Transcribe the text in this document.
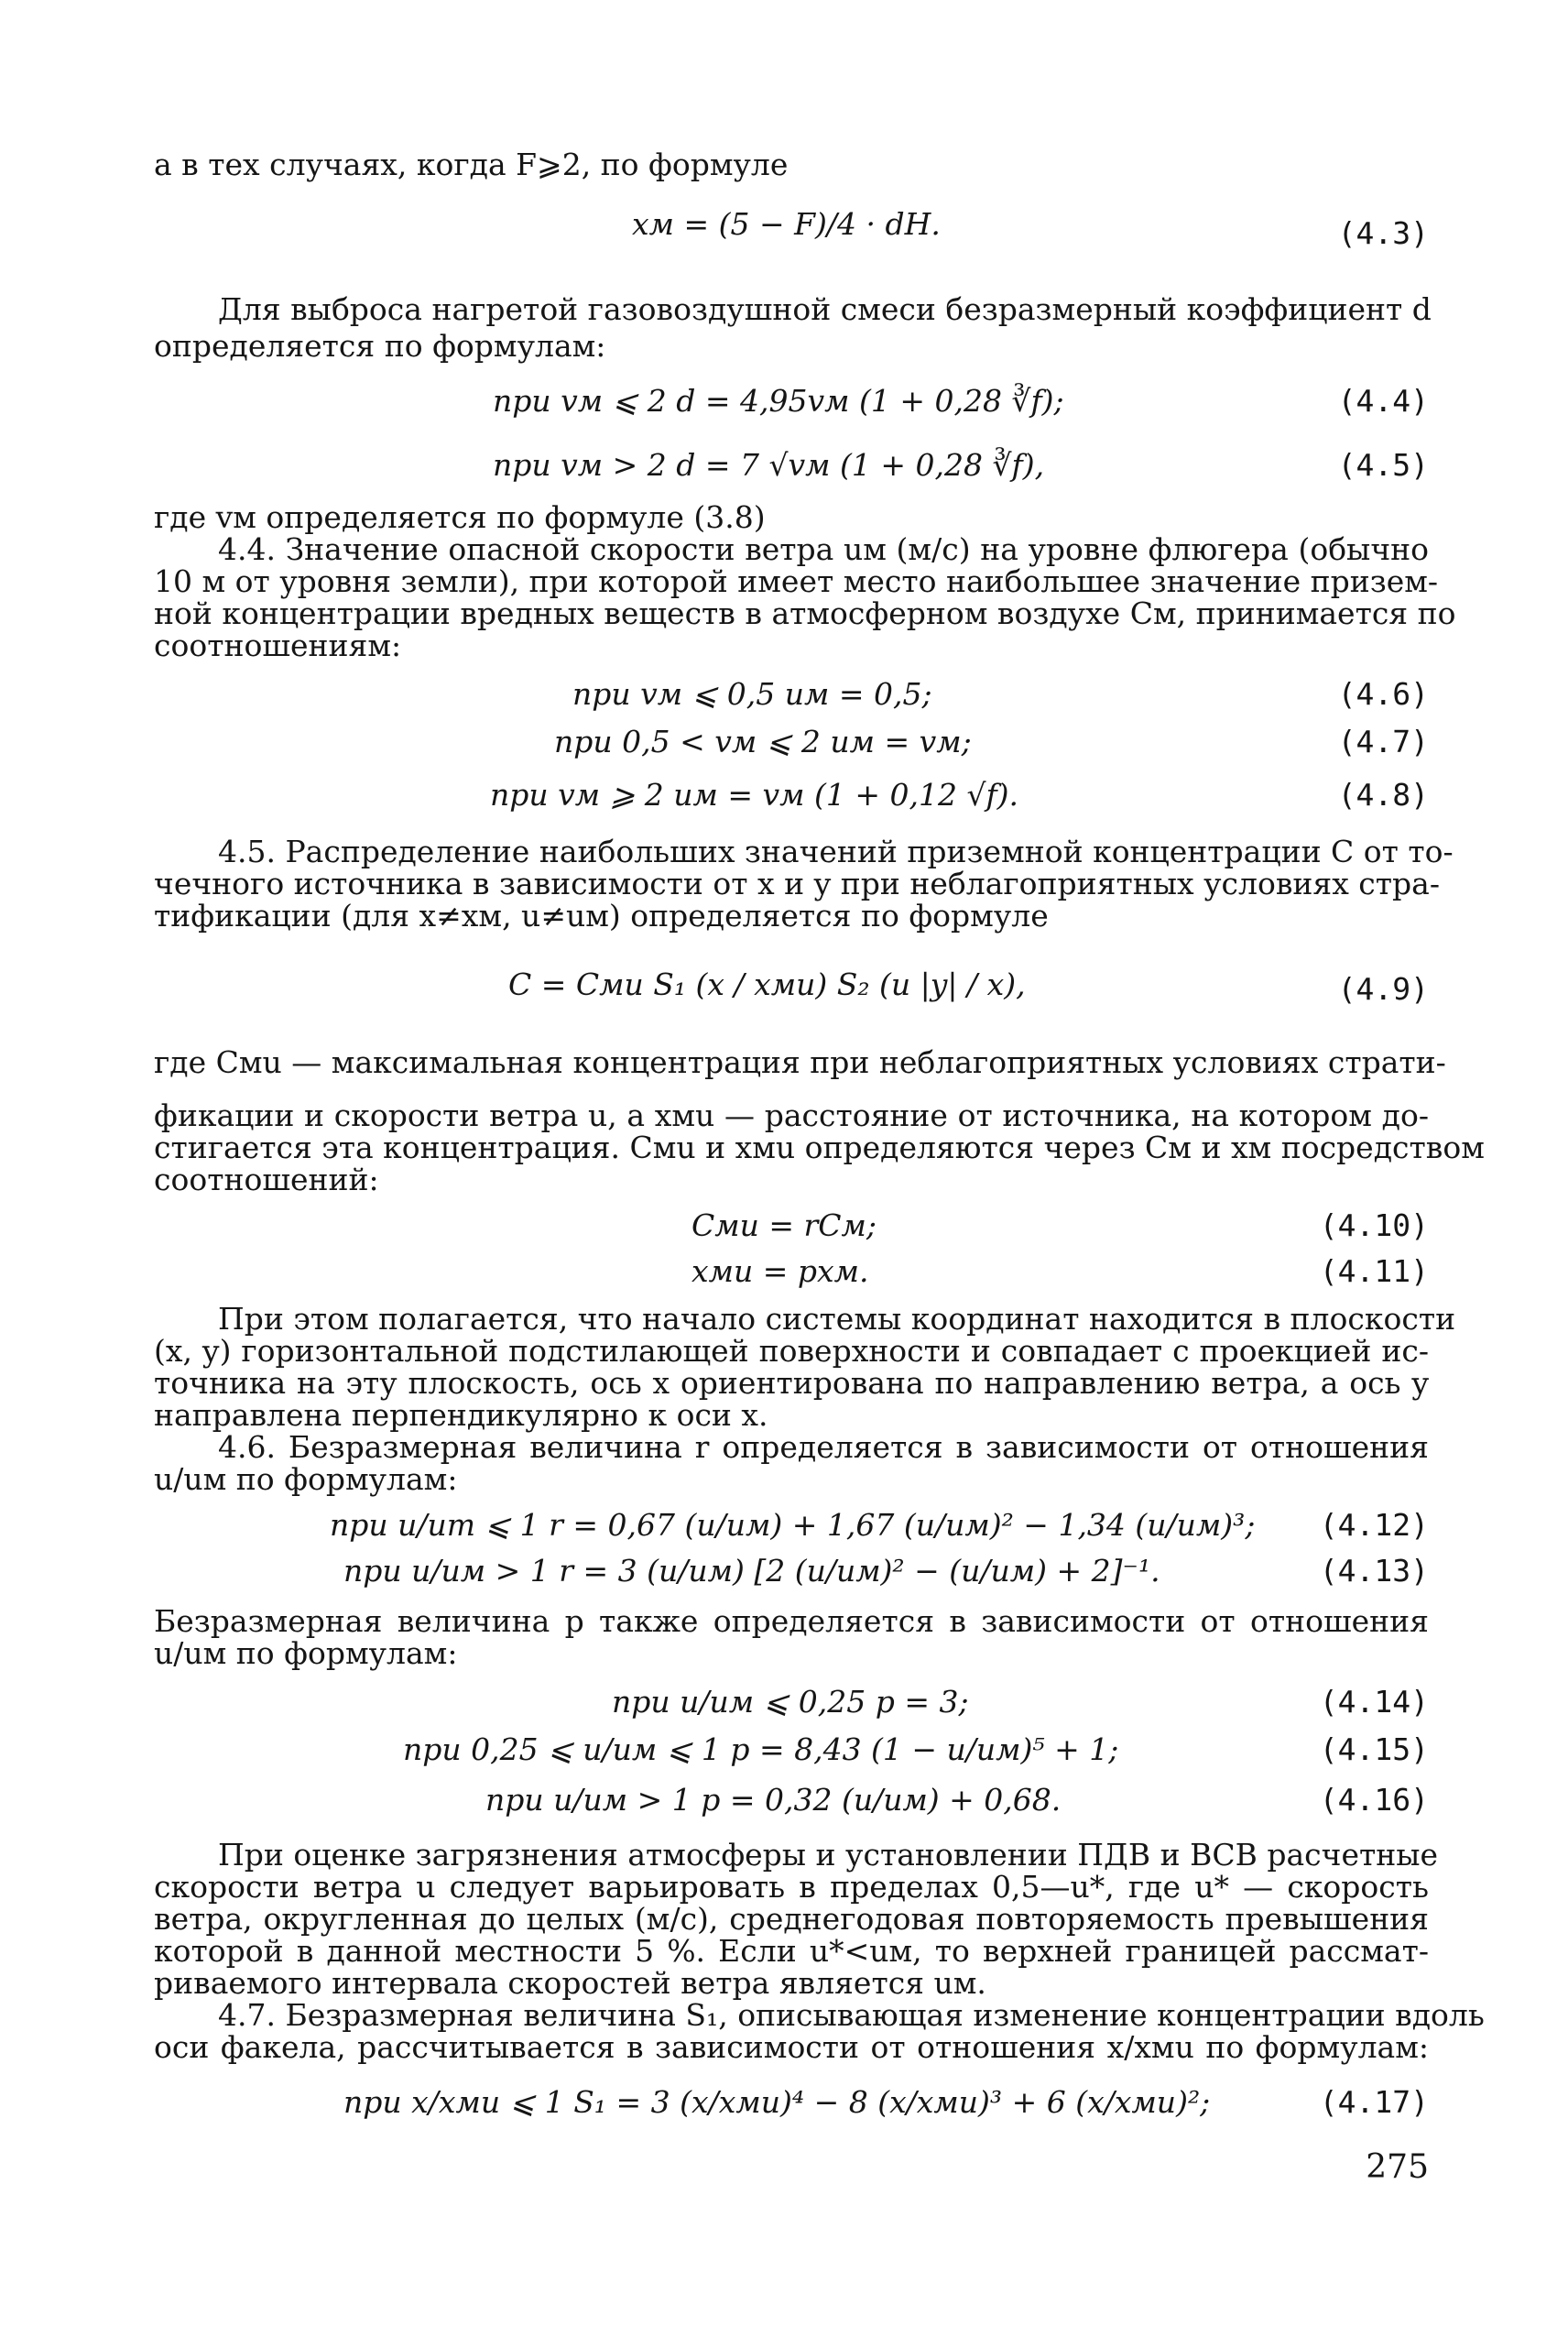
а в тех случаях, когда F⩾2, по формуле
xм = (5 − F)/4 · dH.	(4.3)
Для выброса нагретой газовоздушной смеси безразмерный коэффициент d
определяется по формулам:
при vм ⩽ 2 d = 4,95vм (1 + 0,28 ∛f);	(4.4)
при vм > 2 d = 7 √vм (1 + 0,28 ∛f),	(4.5)
где vм определяется по формуле (3.8)
4.4. Значение опасной скорости ветра uм (м/с) на уровне флюгера (обычно
10 м от уровня земли), при которой имеет место наибольшее значение призем-
ной концентрации вредных веществ в атмосферном воздухе Cм, принимается по
соотношениям:
при vм ⩽ 0,5 uм = 0,5;	(4.6)
при 0,5 < vм ⩽ 2 uм = vм;	(4.7)
при vм ⩾ 2 uм = vм (1 + 0,12 √f).	(4.8)
4.5. Распределение наибольших значений приземной концентрации C от то-
чечного источника в зависимости от x и y при неблагоприятных условиях стра-
тификации (для x≠xм, u≠uм) определяется по формуле
C = Cмu S₁ (x / xмu) S₂ (u |y| / x),	(4.9)
где Cмu — максимальная концентрация при неблагоприятных условиях страти-
фикации и скорости ветра u, а xмu — расстояние от источника, на котором до-
стигается эта концентрация. Cмu и xмu определяются через Cм и xм посредством
соотношений:
Cмu = rCм;	(4.10)
xмu = pxм.	(4.11)
При этом полагается, что начало системы координат находится в плоскости
(x, y) горизонтальной подстилающей поверхности и совпадает с проекцией ис-
точника на эту плоскость, ось x ориентирована по направлению ветра, а ось y
направлена перпендикулярно к оси x.
4.6. Безразмерная величина r определяется в зависимости от отношения
u/uм по формулам:
при u/um ⩽ 1 r = 0,67 (u/uм) + 1,67 (u/uм)² − 1,34 (u/uм)³; (4.12)
при u/uм > 1 r = 3 (u/uм) [2 (u/uм)² − (u/uм) + 2]⁻¹.	(4.13)
Безразмерная величина p также определяется в зависимости от отношения
u/uм по формулам:
при u/uм ⩽ 0,25 p = 3;	(4.14)
при 0,25 ⩽ u/uм ⩽ 1 p = 8,43 (1 − u/uм)⁵ + 1;	(4.15)
при u/uм > 1 p = 0,32 (u/uм) + 0,68.	(4.16)
При оценке загрязнения атмосферы и установлении ПДВ и ВСВ расчетные
скорости ветра u следует варьировать в пределах 0,5—u*, где u* — скорость
ветра, округленная до целых (м/с), среднегодовая повторяемость превышения
которой в данной местности 5 %. Если u*<uм, то верхней границей рассмат-
риваемого интервала скоростей ветра является uм.
4.7. Безразмерная величина S₁, описывающая изменение концентрации вдоль
оси факела, рассчитывается в зависимости от отношения x/xмu по формулам:
при x/xмu ⩽ 1 S₁ = 3 (x/xмu)⁴ − 8 (x/xмu)³ + 6 (x/xмu)²;	(4.17)
275
